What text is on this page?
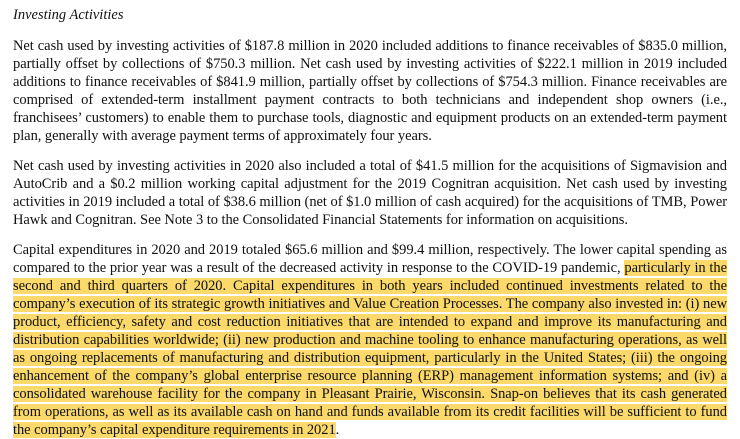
Investing Activities

Net cash used by investing activities of $187.8 million in 2020 included additions to finance receivables of $835.0 million, partially offset by collections of $750.3 million. Net cash used by investing activities of $222.1 million in 2019 included additions to finance receivables of $841.9 million, partially offset by collections of $754.3 million. Finance receivables are comprised of extended-term installment payment contracts to both technicians and independent shop owners (i.e., franchisees’ customers) to enable them to purchase tools, diagnostic and equipment products on an extended-term payment plan, generally with average payment terms of approximately four years.

Net cash used by investing activities in 2020 also included a total of $41.5 million for the acquisitions of Sigmavision and AutoCrib and a $0.2 million working capital adjustment for the 2019 Cognitran acquisition. Net cash used by investing activities in 2019 included a total of $38.6 million (net of $1.0 million of cash acquired) for the acquisitions of TMB, Power Hawk and Cognitran. See Note 3 to the Consolidated Financial Statements for information on acquisitions.

Capital expenditures in 2020 and 2019 totaled $65.6 million and $99.4 million, respectively. The lower capital spending as compared to the prior year was a result of the decreased activity in response to the COVID-19 pandemic, particularly in the second and third quarters of 2020. Capital expenditures in both years included continued investments related to the company’s execution of its strategic growth initiatives and Value Creation Processes. The company also invested in: (i) new product, efficiency, safety and cost reduction initiatives that are intended to expand and improve its manufacturing and distribution capabilities worldwide; (ii) new production and machine tooling to enhance manufacturing operations, as well as ongoing replacements of manufacturing and distribution equipment, particularly in the United States; (iii) the ongoing enhancement of the company’s global enterprise resource planning (ERP) management information systems; and (iv) a consolidated warehouse facility for the company in Pleasant Prairie, Wisconsin. Snap-on believes that its cash generated from operations, as well as its available cash on hand and funds available from its credit facilities will be sufficient to fund the company’s capital expenditure requirements in 2021.
